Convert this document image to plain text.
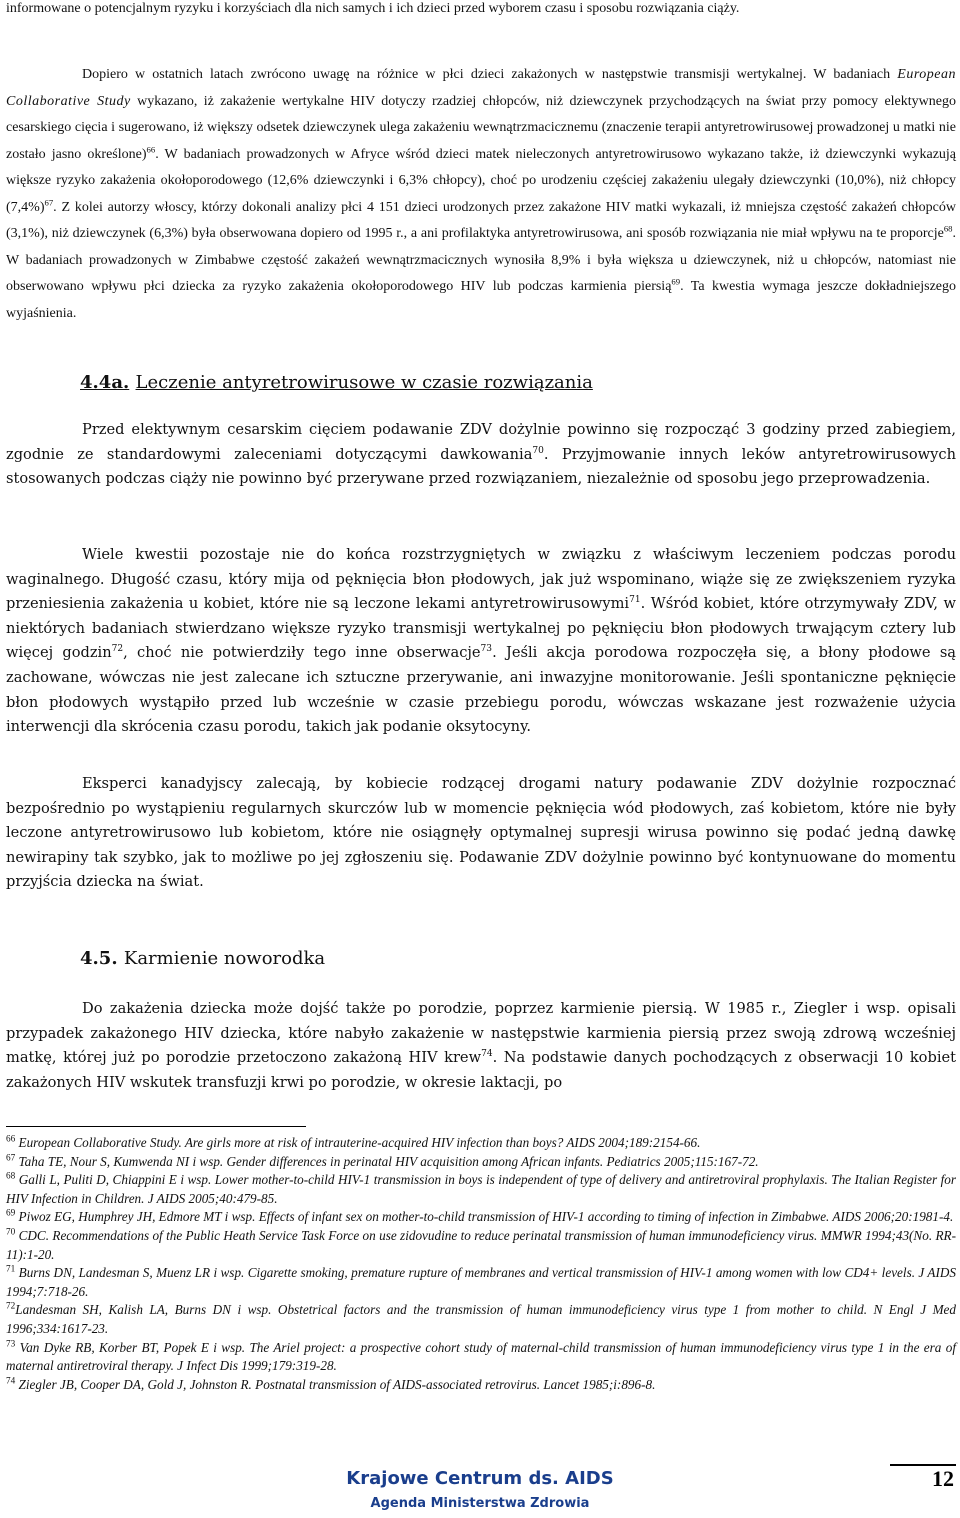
informowane o potencjalnym ryzyku i korzyściach dla nich samych i ich dzieci przed wyborem czasu i sposobu rozwiązania ciąży.

Dopiero w ostatnich latach zwrócono uwagę na różnice w płci dzieci zakażonych w następstwie transmisji wertykalnej. W badaniach European Collaborative Study wykazano, iż zakażenie wertykalne HIV dotyczy rzadziej chłopców, niż dziewczynek przychodzących na świat przy pomocy elektywnego cesarskiego cięcia i sugerowano, iż większy odsetek dziewczynek ulega zakażeniu wewnątrzmacicznemu (znaczenie terapii antyretrowirusowej prowadzonej u matki nie zostało jasno określone)$^{66}$. W badaniach prowadzonych w Afryce wśród dzieci matek nieleczonych antyretrowirusowo wykazano także, iż dziewczynki wykazują większe ryzyko zakażenia okołoporodowego (12,6% dziewczynki i 6,3% chłopcy), choć po urodzeniu częściej zakażeniu ulegały dziewczynki (10,0%), niż chłopcy $(7,4\%)^{67}$. Z kolei autorzy włoscy, którzy dokonali analizy płci 4 151 dzieci urodzonych przez zakażone HIV matki wykazali, iż mniejsza częstość zakażeń chłopców (3,1%), niż dziewczynek (6,3%) była obserwowana dopiero od 1995 r., a ani profilaktyka antyretrowirusowa, ani sposób rozwiązania nie miał wpływu na te proporcje$^{68}$. W badaniach prowadzonych w Zimbabwe częstość zakażeń wewnątrzmacicznych wynosiła 8,9% i była większa u dziewczynek, niż u chłopców, natomiast nie obserwowano wpływu płci dziecka za ryzyko zakażenia okołoporodowego HIV lub podczas karmienia piersią$^{69}$. Ta kwestia wymaga jeszcze dokładniejszego wyjaśnienia.

4.4a. Leczenie antyretrowirusowe w czasie rozwiązania

Przed elektywnym cesarskim cięciem podawanie ZDV dożylnie powinno się rozpocząć 3 godziny przed zabiegiem, zgodnie ze standardowymi zaleceniami dotyczącymi dawkowania$^{70}$. Przyjmowanie innych leków antyretrowirusowych stosowanych podczas ciąży nie powinno być przerywane przed rozwiązaniem, niezależnie od sposobu jego przeprowadzenia.

Wiele kwestii pozostaje nie do końca rozstrzygniętych w związku z właściwym leczeniem podczas porodu waginalnego. Długość czasu, który mija od pęknięcia błon płodowych, jak już wspominano, wiąże się ze zwiększeniem ryzyka przeniesienia zakażenia u kobiet, które nie są leczone lekami antyretrowirusowymi$^{71}$. Wśród kobiet, które otrzymywały ZDV, w niektórych badaniach stwierdzano większe ryzyko transmisji wertykalnej po pęknięciu błon płodowych trwającym cztery lub więcej godzin$^{72}$, choć nie potwierdziły tego inne obserwacje$^{73}$. Jeśli akcja porodowa rozpoczęła się, a błony płodowe są zachowane, wówczas nie jest zalecane ich sztuczne przerywanie, ani inwazyjne monitorowanie. Jeśli spontaniczne pęknięcie błon płodowych wystąpiło przed lub wcześnie w czasie przebiegu porodu, wówczas wskazane jest rozważenie użycia interwencji dla skrócenia czasu porodu, takich jak podanie oksytocyny.

Eksperci kanadyjscy zalecają, by kobiecie rodzącej drogami natury podawanie ZDV dożylnie rozpocznać bezpośrednio po wystąpieniu regularnych skurczów lub w momencie pęknięcia wód płodowych, zaś kobietom, które nie były leczone antyretrowirusowo lub kobietom, które nie osiągnęły optymalnej supresji wirusa powinno się podać jedną dawkę newirapiny tak szybko, jak to możliwe po jej zgłoszeniu się. Podawanie ZDV dożylnie powinno być kontynuowane do momentu przyjścia dziecka na świat.

4.5. Karmienie noworodka

Do zakażenia dziecka może dojść także po porodzie, poprzez karmienie piersią. W 1985 r., Ziegler i wsp. opisali przypadek zakażonego HIV dziecka, które nabyło zakażenie w następstwie karmienia piersią przez swoją zdrową wcześniej matkę, której już po porodzie przetoczono zakażoną HIV krew$^{74}$. Na podstawie danych pochodzących z obserwacji 10 kobiet zakażonych HIV wskutek transfuzji krwi po porodzie, w okresie laktacji, po

$^{66}$ European Collaborative Study. Are girls more at risk of intrauterine-acquired HIV infection than boys? AIDS 2004;189:2154-66.
$^{67}$ Taha TE, Nour S, Kumwenda NI i wsp. Gender differences in perinatal HIV acquisition among African infants. Pediatrics 2005;115:167-72.
$^{68}$ Galli L, Puliti D, Chiappini E i wsp. Lower mother-to-child HIV-1 transmission in boys is independent of type of delivery and antiretroviral prophylaxis. The Italian Register for HIV Infection in Children. J AIDS 2005;40:479-85.
$^{69}$ Piwoz EG, Humphrey JH, Edmore MT i wsp. Effects of infant sex on mother-to-child transmission of HIV-1 according to timing of infection in Zimbabwe. AIDS 2006;20:1981-4.
$^{70}$ CDC. Recommendations of the Public Heath Service Task Force on use zidovudine to reduce perinatal transmission of human immunodeficiency virus. MMWR 1994;43(No. RR-11):1-20.
$^{71}$ Burns DN, Landesman S, Muenz LR i wsp. Cigarette smoking, premature rupture of membranes and vertical transmission of HIV-1 among women with low CD4+ levels. J AIDS 1994;7:718-26.
$^{72}$Landesman SH, Kalish LA, Burns DN i wsp. Obstetrical factors and the transmission of human immunodeficiency virus type 1 from mother to child. N Engl J Med 1996;334:1617-23.
$^{73}$ Van Dyke RB, Korber BT, Popek E i wsp. The Ariel project: a prospective cohort study of maternal-child transmission of human immunodeficiency virus type 1 in the era of maternal antiretroviral therapy. J Infect Dis 1999;179:319-28.
$^{74}$ Ziegler JB, Cooper DA, Gold J, Johnston R. Postnatal transmission of AIDS-associated retrovirus. Lancet 1985;i:896-8.
Krajowe Centrum ds. AIDS
Agenda Ministerstwa Zdrowia
12
